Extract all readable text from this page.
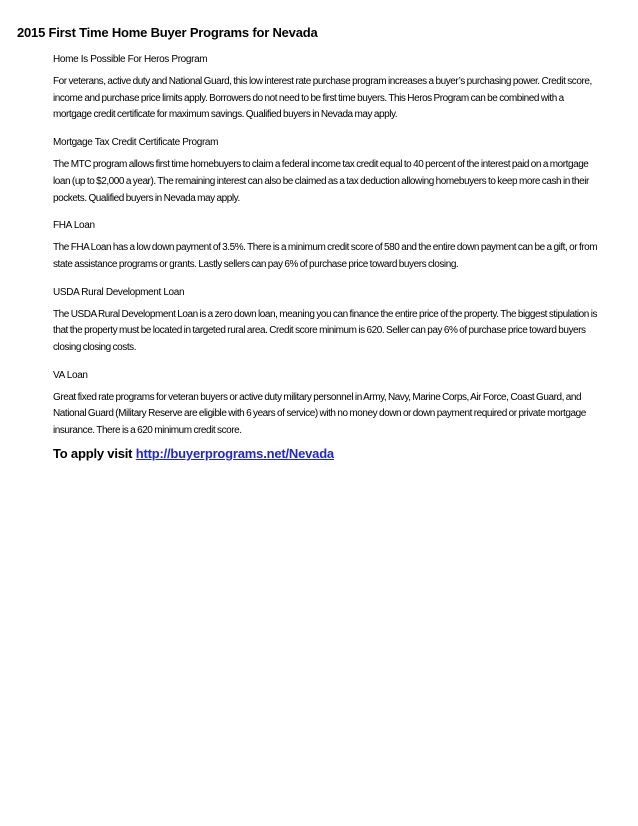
2015 First Time Home Buyer Programs for Nevada
Home Is Possible For Heros Program

For veterans, active duty and National Guard, this low interest rate purchase program increases a buyer’s purchasing power. Credit score, income and purchase price limits apply. Borrowers do not need to be first time buyers. This Heros Program can be combined with a mortgage credit certificate for maximum savings. Qualified buyers in Nevada may apply.

Mortgage Tax Credit Certificate Program

The MTC program allows first time homebuyers to claim a federal income tax credit equal to 40 percent of the interest paid on a mortgage loan (up to $2,000 a year). The remaining interest can also be claimed as a tax deduction allowing homebuyers to keep more cash in their pockets. Qualified buyers in Nevada may apply.

FHA Loan

The FHA Loan has a low down payment of 3.5%. There is a minimum credit score of 580 and the entire down payment can be a gift, or from state assistance programs or grants. Lastly sellers can pay 6% of purchase price toward buyers closing.

USDA Rural Development Loan

The USDA Rural Development Loan is a zero down loan, meaning you can finance the entire price of the property. The biggest stipulation is that the property must be located in targeted rural area. Credit score minimum is 620. Seller can pay 6% of purchase price toward buyers closing closing costs.

VA Loan

Great fixed rate programs for veteran buyers or active duty military personnel in Army, Navy, Marine Corps, Air Force, Coast Guard, and National Guard (Military Reserve are eligible with 6 years of service) with no money down or down payment required or private mortgage insurance. There is a 620 minimum credit score.

To apply visit http://buyerprograms.net/Nevada
